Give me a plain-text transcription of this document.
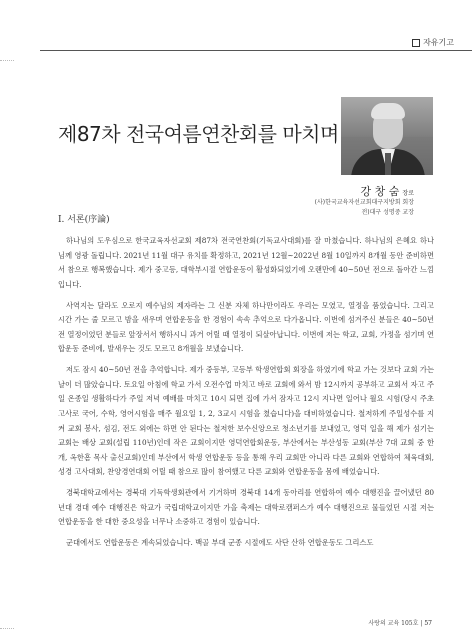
자유기고
제87차 전국여름연찬회를 마치며
강 창 숨 장로
(사)한국교육자선교회대구지방회 회장
전)대구 성명중 교장
Ⅰ. 서론(序論)

하나님의 도우심으로 한국교육자선교회 제87차 전국연찬회(기독교사대회)를 잘 마쳤습니다. 하나님의 은혜요 하나님께 영광 돌립니다. 2021년 11월 대구 유치를 확정하고, 2021년 12월~2022년 8월 10일까지 8개월 동안 준비하면서 참으로 행복했습니다. 제가 중고등, 대학부시절 연합운동이 활성화되었기에 오랜만에 40~50년 전으로 돌아간 느낌입니다.

사역지는 달라도 오로지 예수님의 제자라는 그 신분 자체 하나만이라도 우리는 모였고, 열정을 품었습니다. 그리고 시간 가는 줄 모르고 밤을 새우며 연합운동을 한 경험이 속속 추억으로 다가옵니다. 이번에 섬겨주신 분들은 40~50년 전 열정이었던 분들로 앞장서서 행하시니 과거 어릴 때 열정이 되살아납니다. 이번에 저는 학교, 교회, 가정을 섬기며 연합운동 준비에, 발새우는 것도 모르고 8개월을 보냈습니다.

저도 잠시 40~50년 전을 추억합니다. 제가 중등부, 고등부 학생연합회 회장을 하였기에 학교 가는 것보다 교회 가는 날이 더 많았습니다. 토요일 아침에 학교 가서 오전수업 마치고 바로 교회에 와서 밤 12시까지 공부하고 교회서 자고 주일 온종일 생활하다가 주일 저녁 예배를 마치고 10시 되면 집에 가서 잠자고 12시 지나면 일어나 월요 시험(당시 주초 고사로 국어, 수학, 영어시험을 매주 월요일 1, 2, 3교시 시험을 쳤습니다)을 대비하였습니다. 철저하게 주일성수를 지켜 교회 봉사, 섬김, 전도 외에는 하면 안 된다는 철저한 보수신앙으로 청소년기를 보내었고, 영덕 일을 해 제가 섬기는 교회는 배상 교회(설립 110년)인데 작은 교회이지만 영덕연합회운동, 부산에서는 부산성동 교회(부산 7대 교회 중 한 개, 옥한흠 목사 출신교회)인데 부산에서 학생 연합운동 등을 통해 우리 교회만 아니라 다른 교회와 연합하여 체육대회, 성경 고사대회, 찬양경연대회 어릴 때 참으로 많이 참여했고 다른 교회와 연합운동을 몸에 배었습니다.

경북대학교에서는 경북대 기독학생회관에서 기거하며 경북대 14개 동아리를 연합하여 예수 대행진을 끌어냈던 80년대 경대 예수 대행진은 학교가 국립대학교이지만 가을 축제는 대학로캠퍼스가 예수 대행진으로 물들었던 시절 저는 연합운동을 한 대한 중요성을 너무나 소중하고 경험이 있습니다.

군대에서도 연합운동은 계속되었습니다. 백골 부대 군종 시절에도 사단 산하 연합운동도 그리스도

사랑의 교육 105호 | 57
